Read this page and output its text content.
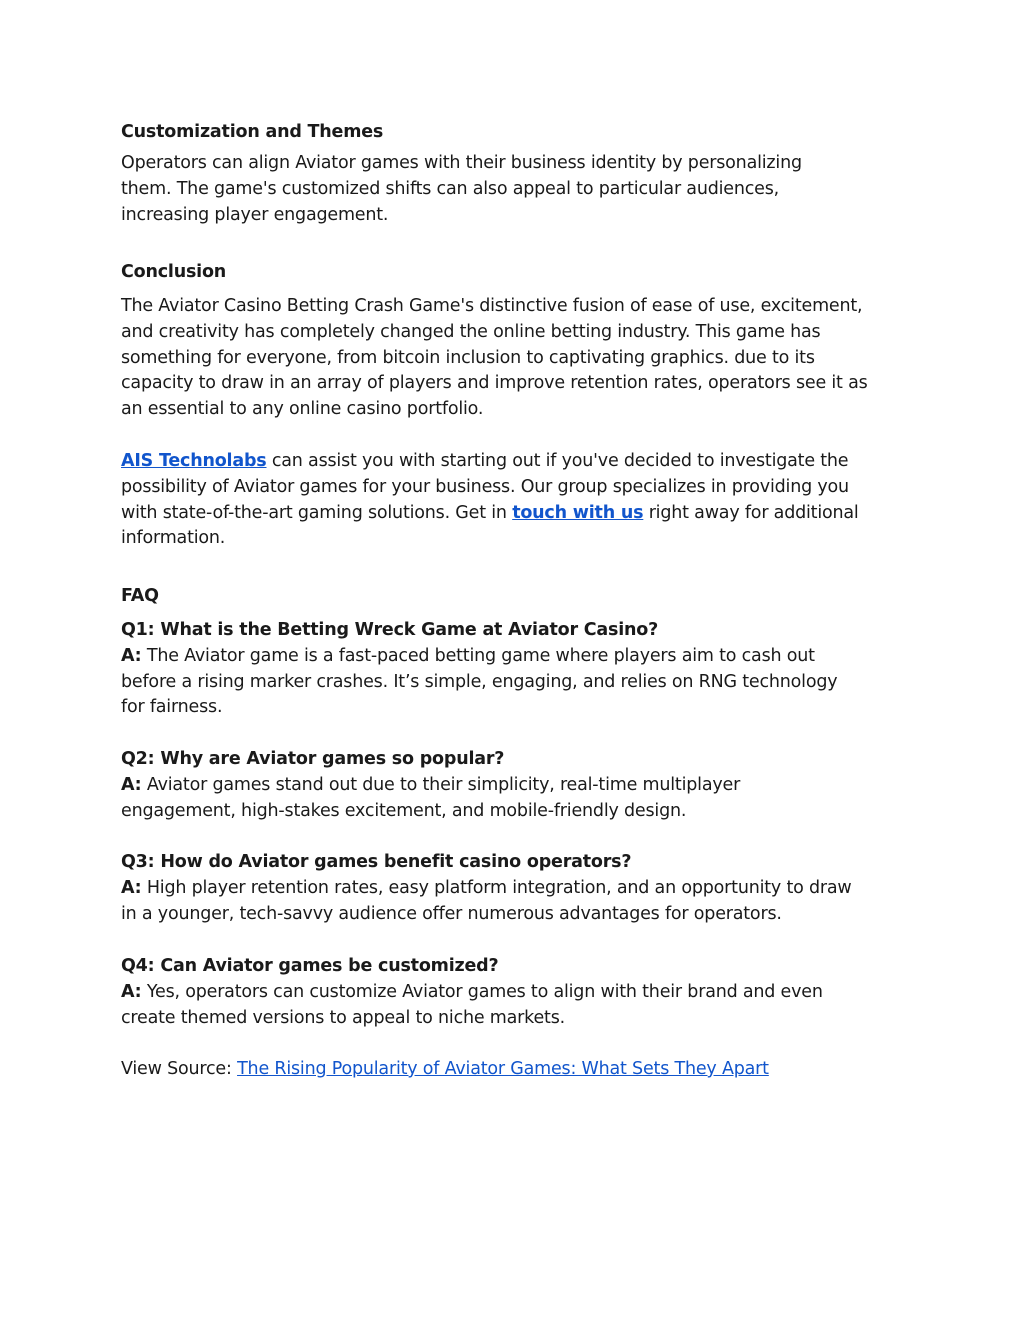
Customization and Themes
Operators can align Aviator games with their business identity by personalizing
them. The game's customized shifts can also appeal to particular audiences,
increasing player engagement.
Conclusion
The Aviator Casino Betting Crash Game's distinctive fusion of ease of use, excitement,
and creativity has completely changed the online betting industry. This game has
something for everyone, from bitcoin inclusion to captivating graphics. due to its
capacity to draw in an array of players and improve retention rates, operators see it as
an essential to any online casino portfolio.
AIS Technolabs can assist you with starting out if you've decided to investigate the
possibility of Aviator games for your business. Our group specializes in providing you
with state-of-the-art gaming solutions. Get in touch with us right away for additional
information.
FAQ
Q1: What is the Betting Wreck Game at Aviator Casino?
A: The Aviator game is a fast-paced betting game where players aim to cash out
before a rising marker crashes. It’s simple, engaging, and relies on RNG technology
for fairness.
Q2: Why are Aviator games so popular?
A: Aviator games stand out due to their simplicity, real-time multiplayer
engagement, high-stakes excitement, and mobile-friendly design.
Q3: How do Aviator games benefit casino operators?
A: High player retention rates, easy platform integration, and an opportunity to draw
in a younger, tech-savvy audience offer numerous advantages for operators.
Q4: Can Aviator games be customized?
A: Yes, operators can customize Aviator games to align with their brand and even
create themed versions to appeal to niche markets.
View Source: The Rising Popularity of Aviator Games: What Sets They Apart
